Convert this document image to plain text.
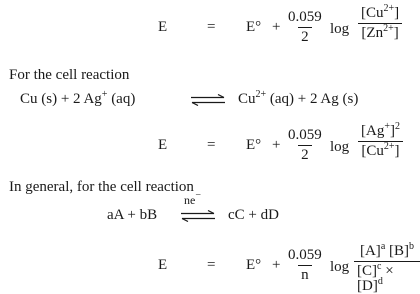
E	= $E^\circ + \frac{0.059}{2}$ $\log \frac{[Cu^{2+}]}{[Zn^{2+}]}$
For the cell reaction
Cu (s) + 2 Ag+ (aq)	⇌ $Cu^{2+}$ (aq) + 2 Ag (s)
E	= $E^\circ + \frac{0.059}{2}$ $\log \frac{[Ag^+]^2}{[Cu^{2+}]}$
In general, for the cell reaction
aA + bB
ne−
⇌ cC + dD
E	= $E^\circ + \frac{0.059}{n}$ $\log \frac{[A]^a [B]^b}{[C]^c \times [D]^d}$
